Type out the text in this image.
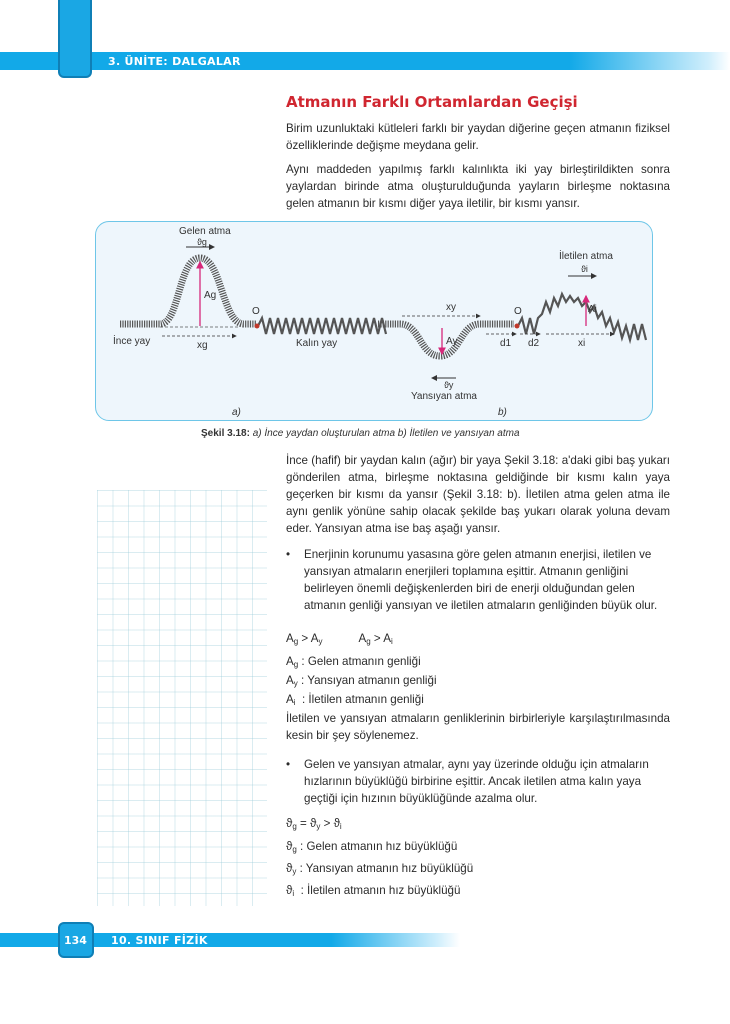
3. ÜNİTE: DALGALAR
Atmanın Farklı Ortamlardan Geçişi
Birim uzunluktaki kütleleri farklı bir yaydan diğerine geçen atmanın fiziksel özelliklerinde değişme meydana gelir.
Aynı maddeden yapılmış farklı kalınlıkta iki yay birleştirildikten sonra yaylardan birinde atma oluşturulduğunda yayların birleşme noktasına gelen atmanın bir kısmı diğer yaya iletilir, bir kısmı yansır.
Gelen atma
ϑg
Ag
xg
O
İnce yay	Kalın yay
a)
xy
Ay
ϑy
Yansıyan atma
O
d1 d2	xi
Ai
ϑi
İletilen atma
b)
Şekil 3.18: a) İnce yaydan oluşturulan atma b) İletilen ve yansıyan atma
İnce (hafif) bir yaydan kalın (ağır) bir yaya Şekil 3.18: a'daki gibi baş yukarı gönderilen atma, birleşme noktasına geldiğinde bir kısmı kalın yaya geçerken bir kısmı da yansır (Şekil 3.18: b). İletilen atma gelen atma ile aynı genlik yönüne sahip olacak şekilde baş yukarı olarak yoluna devam eder. Yansıyan atma ise baş aşağı yansır.
• Enerjinin korunumu yasasına göre gelen atmanın enerjisi, iletilen ve yansıyan atmaların enerjileri toplamına eşittir. Atmanın genliğini belirleyen önemli değişkenlerden biri de enerji olduğundan gelen atmanın genliği yansıyan ve iletilen atmaların genliğinden büyük olur.
$A_g > A_y$	$A_g > A_i$
$A_g$ : Gelen atmanın genliği
$A_y$ : Yansıyan atmanın genliği
$A_i$ : İletilen atmanın genliği
İletilen ve yansıyan atmaların genliklerinin birbirleriyle karşılaştırılmasında kesin bir şey söylenemez.
• Gelen ve yansıyan atmalar, aynı yay üzerinde olduğu için atmaların hızlarının büyüklüğü birbirine eşittir. Ancak iletilen atma kalın yaya geçtiği için hızının büyüklüğünde azalma olur.
$ϑ_g = ϑ_y > ϑ_i$
$ϑ_g$ : Gelen atmanın hız büyüklüğü
$ϑ_y$ : Yansıyan atmanın hız büyüklüğü
$ϑ_i$ : İletilen atmanın hız büyüklüğü
134 10. SINIF FİZİK
